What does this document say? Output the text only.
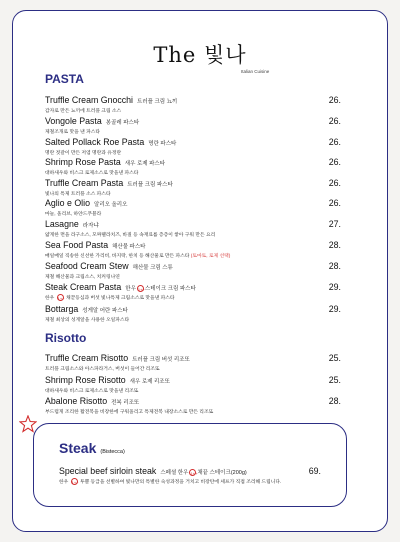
The 빛나
Italian Cuisine
PASTA
Truffle Cream Gnocchi 트러플 크림 뇨끼	26.
감자로 만든 뇨끼에 트러플 크림 소스
Vongole Pasta 봉골레 파스타	26.
제철조개로 맛을 낸 파스타
Salted Pollack Roe Pasta 명란 파스타	26.
명란 젓갈이 만든 저염 명란과 유정란
Shrimp Rose Pasta 새우 로제 파스타	26.
대하새우와 비스크 로제소스로 맛을낸 파스타
Truffle Cream Pasta 트러플 크림 파스타	26.
빛나의 특제 트러플 소스 파스타
Aglio e Olio 알리오 올리오	26.
마늘, 올리브, 하얀드푸블라
Lasagne 라자냐	27.
얇게한 면을 라구소스, 모짜렐라치즈, 바질 등 속재료를 층층이 쌓아 구워 만든 요리
Sea Food Pasta 해산물 파스타	28.
매일매일 직송한 신선한 가리비, 바지락, 한치 등 해산물로 만든 파스타 (토마토, 로제 선택)
Seafood Cream Stew 해산물 크림 스튜	28.
제철 해산물과 크림소스, 치커링나연
Steak Cream Pasta 한우 1++스테이크 크림 파스타	29.
한우 1++ 채끝등심과 버섯 빛나특제 크림소스로 맛을낸 파스타
Bottarga 성게알 어란 파스타	29.
제철 최상의 성게알을 사용한 오일파스타
Risotto
Truffle Cream Risotto 트러플 크림 버섯 리조또	25.
트러플 크림소스와 아스파라거스, 버섯이 들어간 리조또
Shrimp Rose Risotto 새우 로제 리조또	25.
대하새우와 비스크 로제소스로 맛을낸 리조또
Abalone Risotto 전복 리조또	28.
부드럽게 조리한 활전복을 비장한에 구워올리고 특제전복 내장소스로 만든 리조또
Steak (Bistecca)
Special beef sirloin steak 스페셜 한우 1++채끝 스테이크(200g)	69.
한우 1++ 투쁠 등급을 선별하여 빛나만의 특별한 숙성과정을 거치고 비장탄에 셰프가 직접 조리해 드립니다.
